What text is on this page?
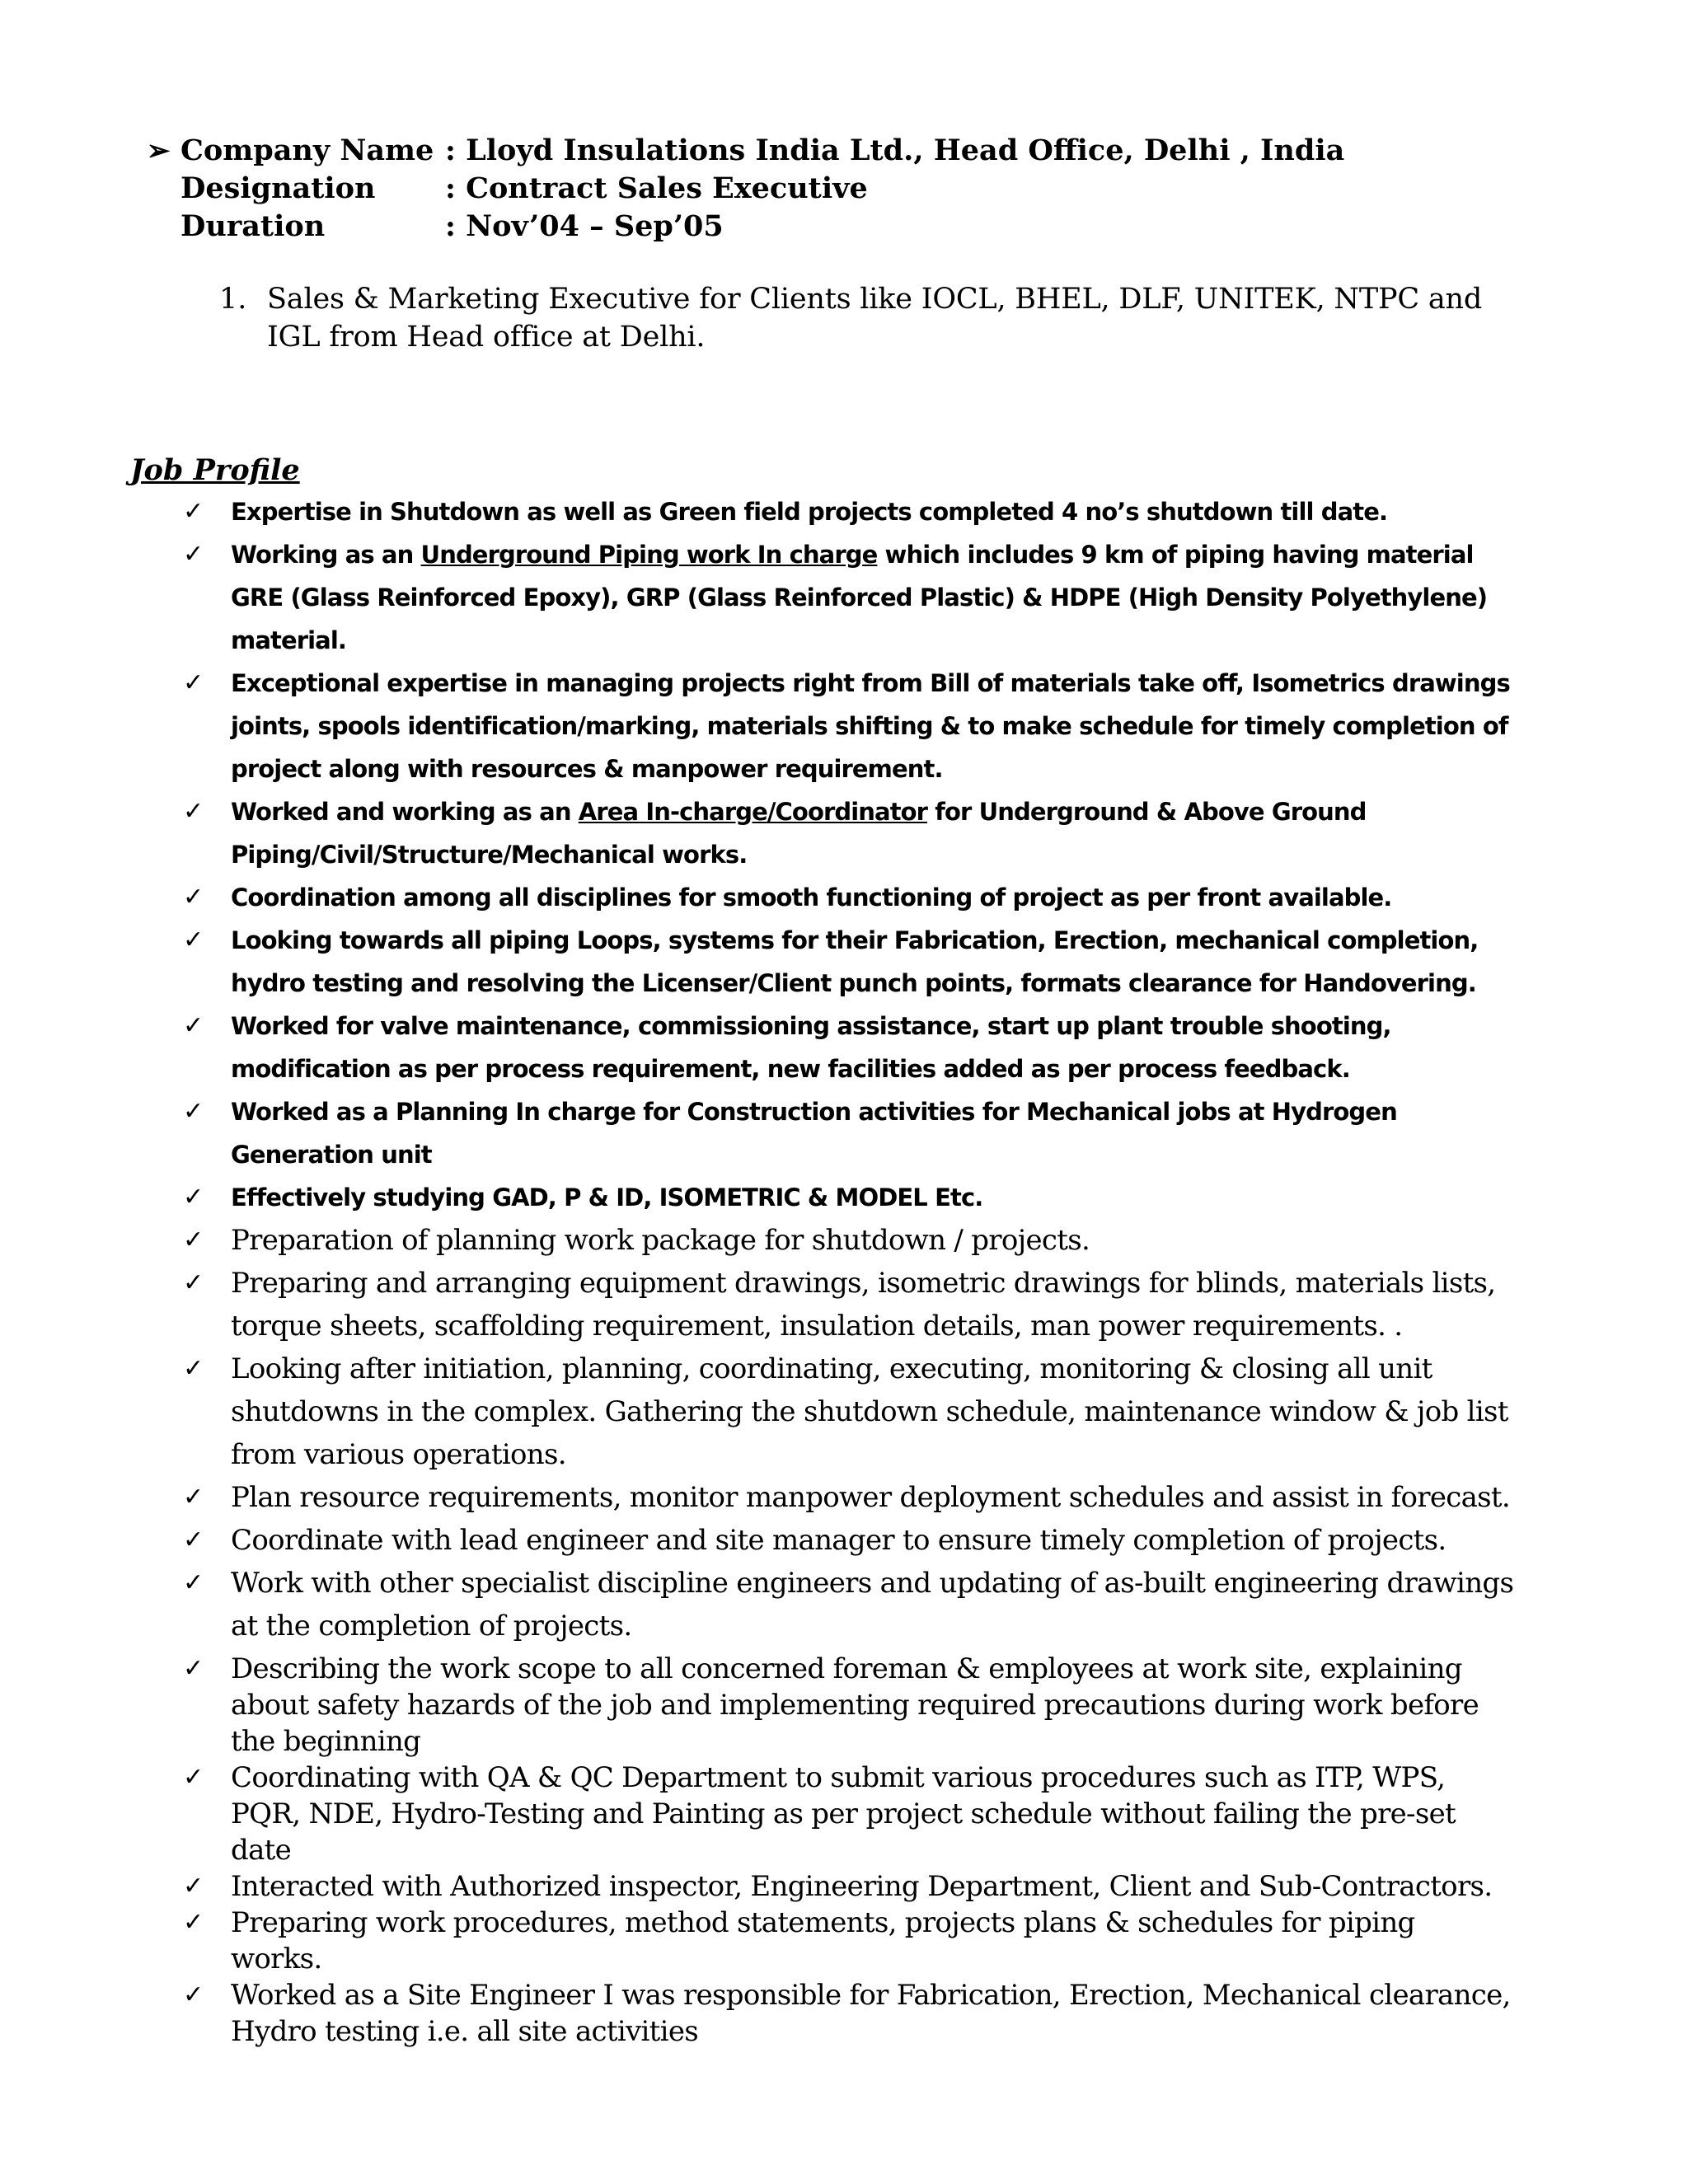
➢ Company Name : Lloyd Insulations India Ltd., Head Office, Delhi , India
Designation : Contract Sales Executive
Duration	: Nov’04 – Sep’05
1. Sales & Marketing Executive for Clients like IOCL, BHEL, DLF, UNITEK, NTPC and IGL from Head office at Delhi.
Job Profile
✓ Expertise in Shutdown as well as Green field projects completed 4 no’s shutdown till date.
✓ Working as an Underground Piping work In charge which includes 9 km of piping having material GRE (Glass Reinforced Epoxy), GRP (Glass Reinforced Plastic) & HDPE (High Density Polyethylene) material.
✓ Exceptional expertise in managing projects right from Bill of materials take off, Isometrics drawings joints, spools identification/marking, materials shifting & to make schedule for timely completion of project along with resources & manpower requirement.
✓ Worked and working as an Area In-charge/Coordinator for Underground & Above Ground Piping/Civil/Structure/Mechanical works.
✓ Coordination among all disciplines for smooth functioning of project as per front available.
✓ Looking towards all piping Loops, systems for their Fabrication, Erection, mechanical completion, hydro testing and resolving the Licenser/Client punch points, formats clearance for Handovering.
✓ Worked for valve maintenance, commissioning assistance, start up plant trouble shooting, modification as per process requirement, new facilities added as per process feedback.
✓ Worked as a Planning In charge for Construction activities for Mechanical jobs at Hydrogen Generation unit
✓ Effectively studying GAD, P & ID, ISOMETRIC & MODEL Etc.
✓ Preparation of planning work package for shutdown / projects.
✓ Preparing and arranging equipment drawings, isometric drawings for blinds, materials lists, torque sheets, scaffolding requirement, insulation details, man power requirements. .
✓ Looking after initiation, planning, coordinating, executing, monitoring & closing all unit shutdowns in the complex. Gathering the shutdown schedule, maintenance window & job list from various operations.
✓ Plan resource requirements, monitor manpower deployment schedules and assist in forecast.
✓ Coordinate with lead engineer and site manager to ensure timely completion of projects.
✓ Work with other specialist discipline engineers and updating of as-built engineering drawings at the completion of projects.
✓ Describing the work scope to all concerned foreman & employees at work site, explaining about safety hazards of the job and implementing required precautions during work before the beginning
✓ Coordinating with QA & QC Department to submit various procedures such as ITP, WPS, PQR, NDE, Hydro-Testing and Painting as per project schedule without failing the pre-set date
✓ Interacted with Authorized inspector, Engineering Department, Client and Sub-Contractors.
✓ Preparing work procedures, method statements, projects plans & schedules for piping works.
✓ Worked as a Site Engineer I was responsible for Fabrication, Erection, Mechanical clearance, Hydro testing i.e. all site activities
